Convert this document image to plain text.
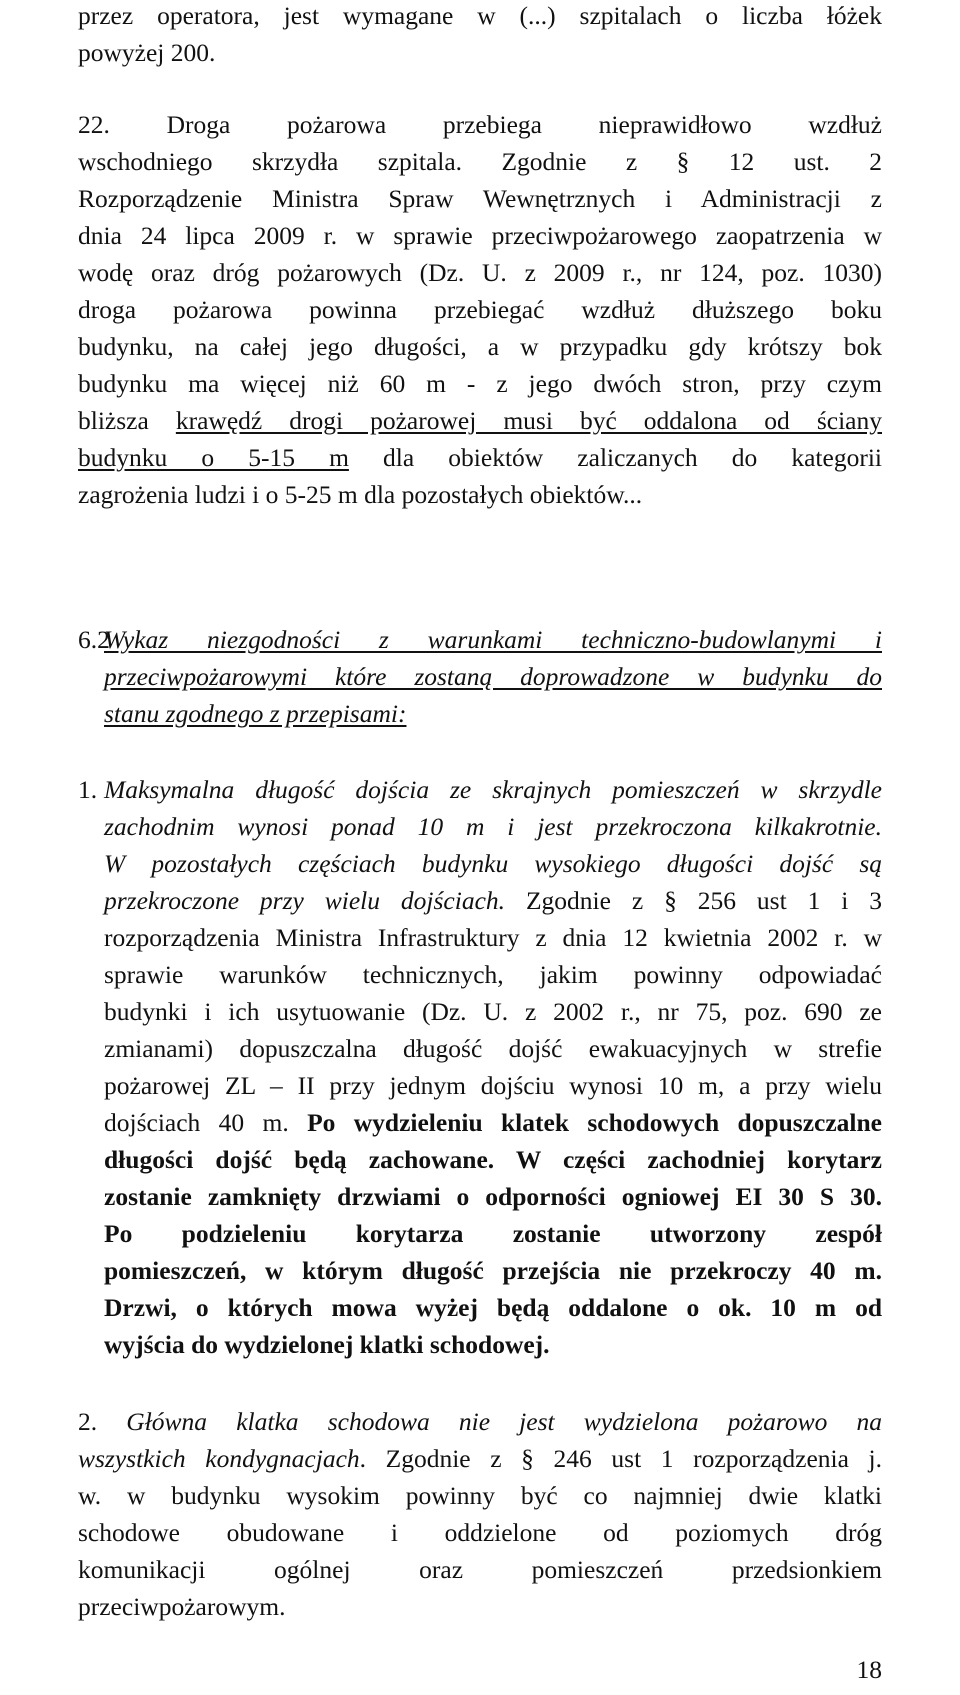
przez operatora, jest wymagane w (...) szpitalach o liczba łóżek
powyżej 200.
22. Droga pożarowa przebiega nieprawidłowo wzdłuż
wschodniego skrzydła szpitala. Zgodnie z § 12 ust. 2
Rozporządzenie Ministra Spraw Wewnętrznych i Administracji z
dnia 24 lipca 2009 r. w sprawie przeciwpożarowego zaopatrzenia w
wodę oraz dróg pożarowych (Dz. U. z 2009 r., nr 124, poz. 1030)
droga pożarowa powinna przebiegać wzdłuż dłuższego boku
budynku, na całej jego długości, a w przypadku gdy krótszy bok
budynku ma więcej niż 60 m - z jego dwóch stron, przy czym
bliższa krawędź drogi pożarowej musi być oddalona od ściany
budynku o 5-15 m dla obiektów zaliczanych do kategorii
zagrożenia ludzi i o 5-25 m dla pozostałych obiektów...
6.2
Wykaz niezgodności z warunkami techniczno-budowlanymi i
przeciwpożarowymi które zostaną doprowadzone w budynku do
stanu zgodnego z przepisami:
1. Maksymalna długość dojścia ze skrajnych pomieszczeń w skrzydle
zachodnim wynosi ponad 10 m i jest przekroczona kilkakrotnie.
W pozostałych częściach budynku wysokiego długości dojść są
przekroczone przy wielu dojściach. Zgodnie z § 256 ust 1 i 3
rozporządzenia Ministra Infrastruktury z dnia 12 kwietnia 2002 r. w
sprawie warunków technicznych, jakim powinny odpowiadać
budynki i ich usytuowanie (Dz. U. z 2002 r., nr 75, poz. 690 ze
zmianami) dopuszczalna długość dojść ewakuacyjnych w strefie
pożarowej ZL – II przy jednym dojściu wynosi 10 m, a przy wielu
dojściach 40 m. Po wydzieleniu klatek schodowych dopuszczalne
długości dojść będą zachowane. W części zachodniej korytarz
zostanie zamknięty drzwiami o odporności ogniowej EI 30 S 30.
Po podzieleniu korytarza zostanie utworzony zespół
pomieszczeń, w którym długość przejścia nie przekroczy 40 m.
Drzwi, o których mowa wyżej będą oddalone o ok. 10 m od
wyjścia do wydzielonej klatki schodowej.
2. Główna klatka schodowa nie jest wydzielona pożarowo na
wszystkich kondygnacjach. Zgodnie z § 246 ust 1 rozporządzenia j.
w. w budynku wysokim powinny być co najmniej dwie klatki
schodowe obudowane i oddzielone od poziomych dróg
komunikacji ogólnej oraz pomieszczeń przedsionkiem
przeciwpożarowym.
18
